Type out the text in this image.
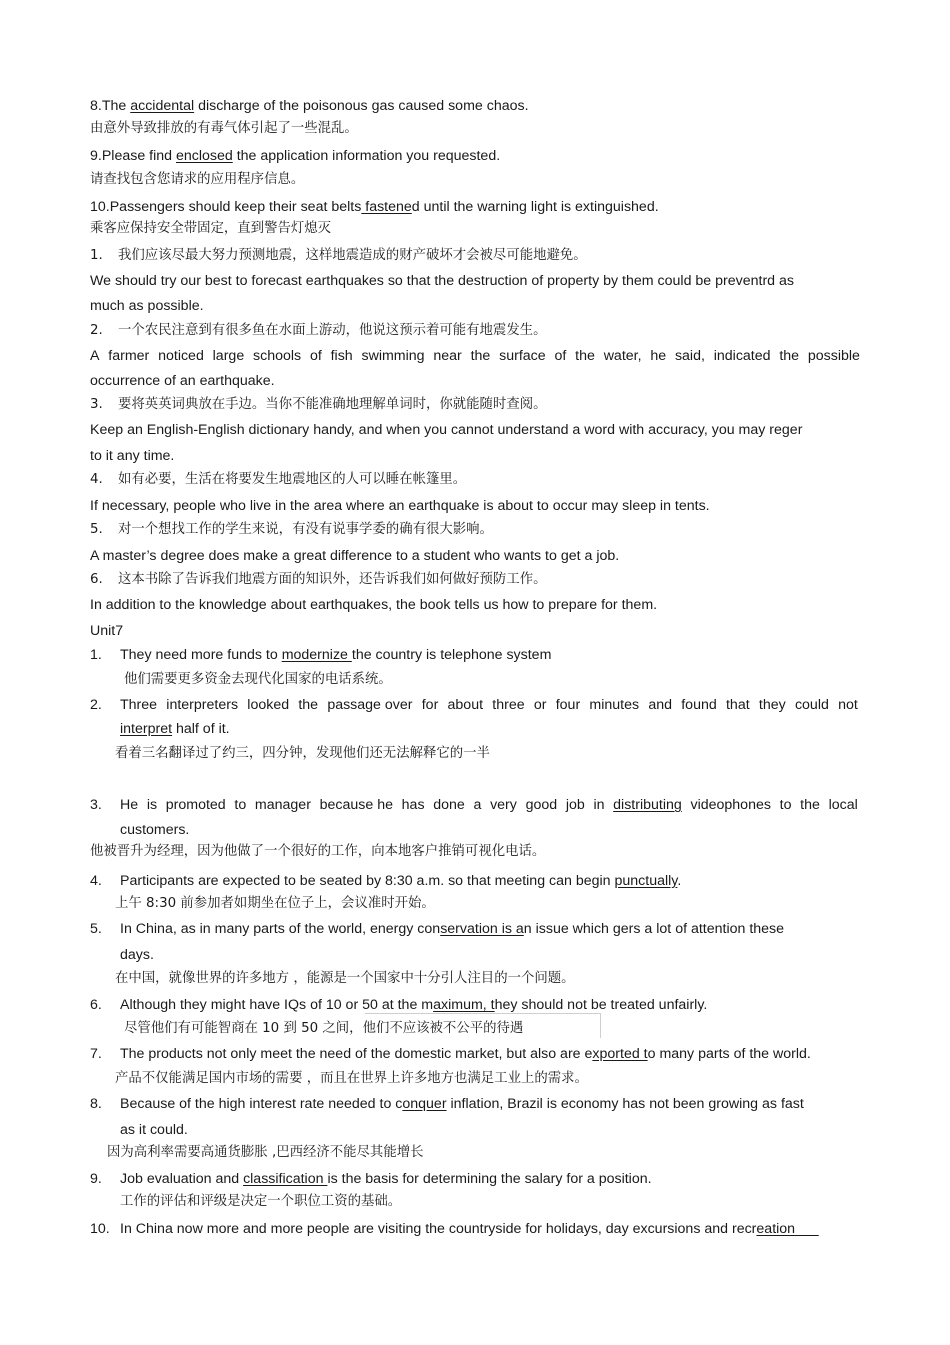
8.The accidental discharge of the poisonous gas caused some chaos.
由意外导致排放的有毒气体引起了一些混乱。
9.Please find enclosed the application information you requested.
请查找包含您请求的应用程序信息。
10.Passengers should keep their seat belts fastened until the warning light is extinguished.
乘客应保持安全带固定，直到警告灯熄灭
1. 我们应该尽最大努力预测地震，这样地震造成的财产破坏才会被尽可能地避免。
We should try our best to forecast earthquakes so that the destruction of property by them could be preventrd as
much as possible.
2. 一个农民注意到有很多鱼在水面上游动，他说这预示着可能有地震发生。
A farmer noticed large schools of fish swimming near the surface of the water, he said, indicated the possible
occurrence of an earthquake.
3. 要将英英词典放在手边。当你不能准确地理解单词时，你就能随时查阅。
Keep an English-English dictionary handy, and when you cannot understand a word with accuracy, you may reger
to it any time.
4. 如有必要，生活在将要发生地震地区的人可以睡在帐篷里。
If necessary, people who live in the area where an earthquake is about to occur may sleep in tents.
5. 对一个想找工作的学生来说，有没有说事学委的确有很大影响。
A master’s degree does make a great difference to a student who wants to get a job.
6. 这本书除了告诉我们地震方面的知识外，还告诉我们如何做好预防工作。
In addition to the knowledge about earthquakes, the book tells us how to prepare for them.
Unit7
1. They need more funds to modernize the country is telephone system
他们需要更多资金去现代化国家的电话系统。
2. Three interpreters looked the passage over for about three or four minutes and found that they could not
interpret half of it.
看着三名翻译过了约三，四分钟，发现他们还无法解释它的一半
3. He is promoted to manager because he has done a very good job in distributing videophones to the local
customers.
他被晋升为经理，因为他做了一个很好的工作，向本地客户推销可视化电话。
4. Participants are expected to be seated by 8:30 a.m. so that meeting can begin punctually.
上午 8:30 前参加者如期坐在位子上，会议准时开始。
5. In China, as in many parts of the world, energy conservation is an issue which gers a lot of attention these
days.
在中国，就像世界的许多地方 ，能源是一个国家中十分引人注目的一个问题。
6. Although they might have IQs of 10 or 50 at the maximum, they should not be treated unfairly.
尽管他们有可能智商在 10 到 50 之间，他们不应该被不公平的待遇
7. The products not only meet the need of the domestic market, but also are exported to many parts of the world.
产品不仅能满足国内市场的需要 ，而且在世界上许多地方也满足工业上的需求。
8. Because of the high interest rate needed to conquer inflation, Brazil is economy has not been growing as fast
as it could.
因为高利率需要高通货膨胀 ,巴西经济不能尽其能增长
9. Job evaluation and classification is the basis for determining the salary for a position.
工作的评估和评级是决定一个职位工资的基础。
10. In China now more and more people are visiting the countryside for holidays, day excursions and recreation
